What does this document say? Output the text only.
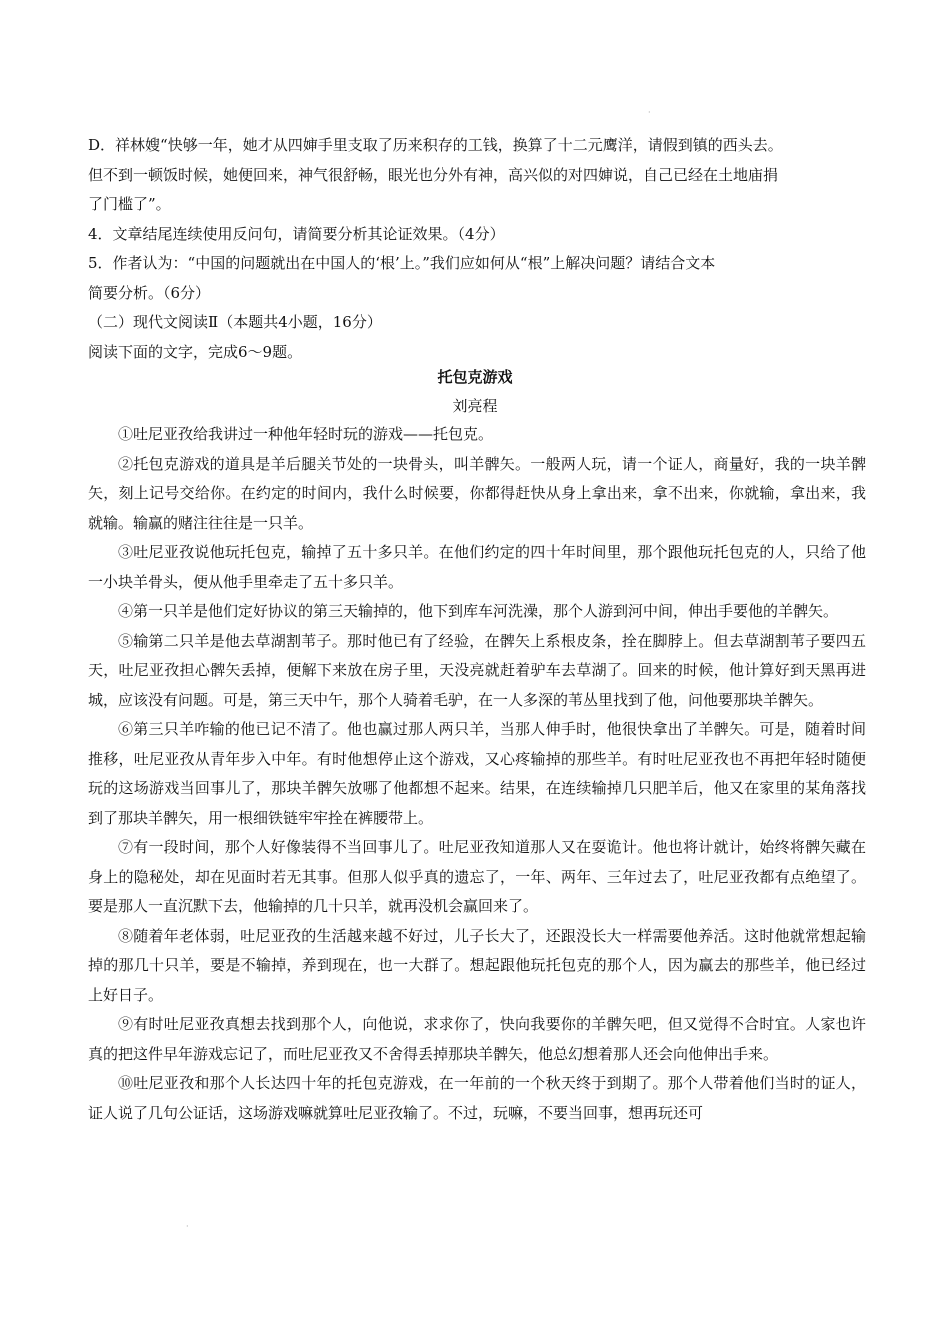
·
D．祥林嫂“快够一年，她才从四婶手里支取了历来积存的工钱，换算了十二元鹰洋，请假到镇的西头去。
但不到一顿饭时候，她便回来，神气很舒畅，眼光也分外有神，高兴似的对四婶说，自己已经在土地庙捐
了门槛了”。
4．文章结尾连续使用反问句，请简要分析其论证效果。（4分）
5．作者认为：“中国的问题就出在中国人的‘根’上。”我们应如何从“根”上解决问题？请结合文本
简要分析。（6分）
（二）现代文阅读Ⅱ（本题共4小题，16分）
阅读下面的文字，完成6～9题。
托包克游戏
刘亮程

①吐尼亚孜给我讲过一种他年轻时玩的游戏——托包克。

②托包克游戏的道具是羊后腿关节处的一块骨头，叫羊髀矢。一般两人玩，请一个证人，商量好，我的一块羊髀矢，刻上记号交给你。在约定的时间内，我什么时候要，你都得赶快从身上拿出来，拿不出来，你就输，拿出来，我就输。输赢的赌注往往是一只羊。

③吐尼亚孜说他玩托包克，输掉了五十多只羊。在他们约定的四十年时间里，那个跟他玩托包克的人，只给了他一小块羊骨头，便从他手里牵走了五十多只羊。

④第一只羊是他们定好协议的第三天输掉的，他下到库车河洗澡，那个人游到河中间，伸出手要他的羊髀矢。

⑤输第二只羊是他去草湖割苇子。那时他已有了经验，在髀矢上系根皮条，拴在脚脖上。但去草湖割苇子要四五天，吐尼亚孜担心髀矢丢掉，便解下来放在房子里，天没亮就赶着驴车去草湖了。回来的时候，他计算好到天黑再进城，应该没有问题。可是，第三天中午，那个人骑着毛驴，在一人多深的苇丛里找到了他，问他要那块羊髀矢。

⑥第三只羊咋输的他已记不清了。他也赢过那人两只羊，当那人伸手时，他很快拿出了羊髀矢。可是，随着时间推移，吐尼亚孜从青年步入中年。有时他想停止这个游戏，又心疼输掉的那些羊。有时吐尼亚孜也不再把年轻时随便玩的这场游戏当回事儿了，那块羊髀矢放哪了他都想不起来。结果，在连续输掉几只肥羊后，他又在家里的某角落找到了那块羊髀矢，用一根细铁链牢牢拴在裤腰带上。

⑦有一段时间，那个人好像装得不当回事儿了。吐尼亚孜知道那人又在耍诡计。他也将计就计，始终将髀矢藏在身上的隐秘处，却在见面时若无其事。但那人似乎真的遗忘了，一年、两年、三年过去了，吐尼亚孜都有点绝望了。要是那人一直沉默下去，他输掉的几十只羊，就再没机会赢回来了。

⑧随着年老体弱，吐尼亚孜的生活越来越不好过，儿子长大了，还跟没长大一样需要他养活。这时他就常想起输掉的那几十只羊，要是不输掉，养到现在，也一大群了。想起跟他玩托包克的那个人，因为赢去的那些羊，他已经过上好日子。

⑨有时吐尼亚孜真想去找到那个人，向他说，求求你了，快向我要你的羊髀矢吧，但又觉得不合时宜。人家也许真的把这件早年游戏忘记了，而吐尼亚孜又不舍得丢掉那块羊髀矢，他总幻想着那人还会向他伸出手来。

⑩吐尼亚孜和那个人长达四十年的托包克游戏，在一年前的一个秋天终于到期了。那个人带着他们当时的证人，证人说了几句公证话，这场游戏嘛就算吐尼亚孜输了。不过，玩嘛，不要当回事，想再玩还可

·
